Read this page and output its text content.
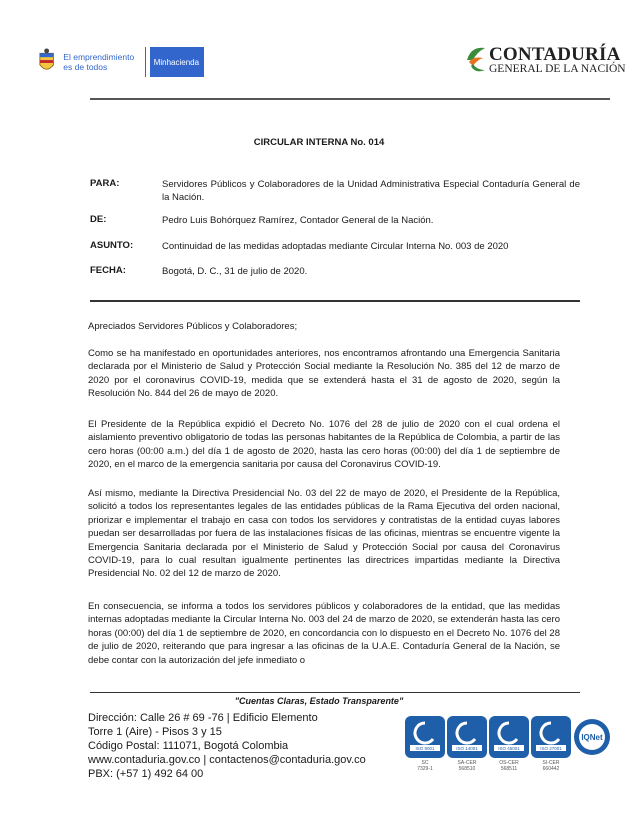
El emprendimiento
es de todos	Minhacienda	CONTADURÍA
GENERAL DE LA NACIÓN
CIRCULAR INTERNA No. 014
PARA:	Servidores Públicos y Colaboradores de la Unidad Administrativa Especial Contaduría General de la Nación.
DE:	Pedro Luis Bohórquez Ramírez, Contador General de la Nación.
ASUNTO:	Continuidad de las medidas adoptadas mediante Circular Interna No. 003 de 2020
FECHA:	Bogotá, D. C., 31 de julio de 2020.
Apreciados Servidores Públicos y Colaboradores;
Como se ha manifestado en oportunidades anteriores, nos encontramos afrontando una Emergencia Sanitaria declarada por el Ministerio de Salud y Protección Social mediante la Resolución No. 385 del 12 de marzo de 2020 por el coronavirus COVID-19, medida que se extenderá hasta el 31 de agosto de 2020, según la Resolución No. 844 del 26 de mayo de 2020.
El Presidente de la República expidió el Decreto No. 1076 del 28 de julio de 2020 con el cual ordena el aislamiento preventivo obligatorio de todas las personas habitantes de la República de Colombia, a partir de las cero horas (00:00 a.m.) del día 1 de agosto de 2020, hasta las cero horas (00:00) del día 1 de septiembre de 2020, en el marco de la emergencia sanitaria por causa del Coronavirus COVID-19.
Así mismo, mediante la Directiva Presidencial No. 03 del 22 de mayo de 2020, el Presidente de la República, solicitó a todos los representantes legales de las entidades públicas de la Rama Ejecutiva del orden nacional, priorizar e implementar el trabajo en casa con todos los servidores y contratistas de la entidad cuyas labores puedan ser desarrolladas por fuera de las instalaciones físicas de las oficinas, mientras se encuentre vigente la Emergencia Sanitaria declarada por el Ministerio de Salud y Protección Social por causa del Coronavirus COVID-19, para lo cual resultan igualmente pertinentes las directrices impartidas mediante la Directiva Presidencial No. 02 del 12 de marzo de 2020.
En consecuencia, se informa a todos los servidores públicos y colaboradores de la entidad, que las medidas internas adoptadas mediante la Circular Interna No. 003 del 24 de marzo de 2020, se extenderán hasta las cero horas (00:00) del día 1 de septiembre de 2020, en concordancia con lo dispuesto en el Decreto No. 1076 del 28 de julio de 2020, reiterando que para ingresar a las oficinas de la U.A.E. Contaduría General de la Nación, se debe contar con la autorización del jefe inmediato o
"Cuentas Claras, Estado Transparente"
Dirección: Calle 26 # 69 -76 | Edificio Elemento
Torre 1 (Aire) - Pisos 3 y 15
Código Postal: 111071, Bogotá Colombia
www.contaduria.gov.co | contactenos@contaduria.gov.co
PBX: (+57 1) 492 64 00
ISO 9001
SC
7329-1
ISO 14001
SA-CER
568510
ISO 45001
OS-CER
568511
ISO 27001
SI-CER
660442
IQNet
